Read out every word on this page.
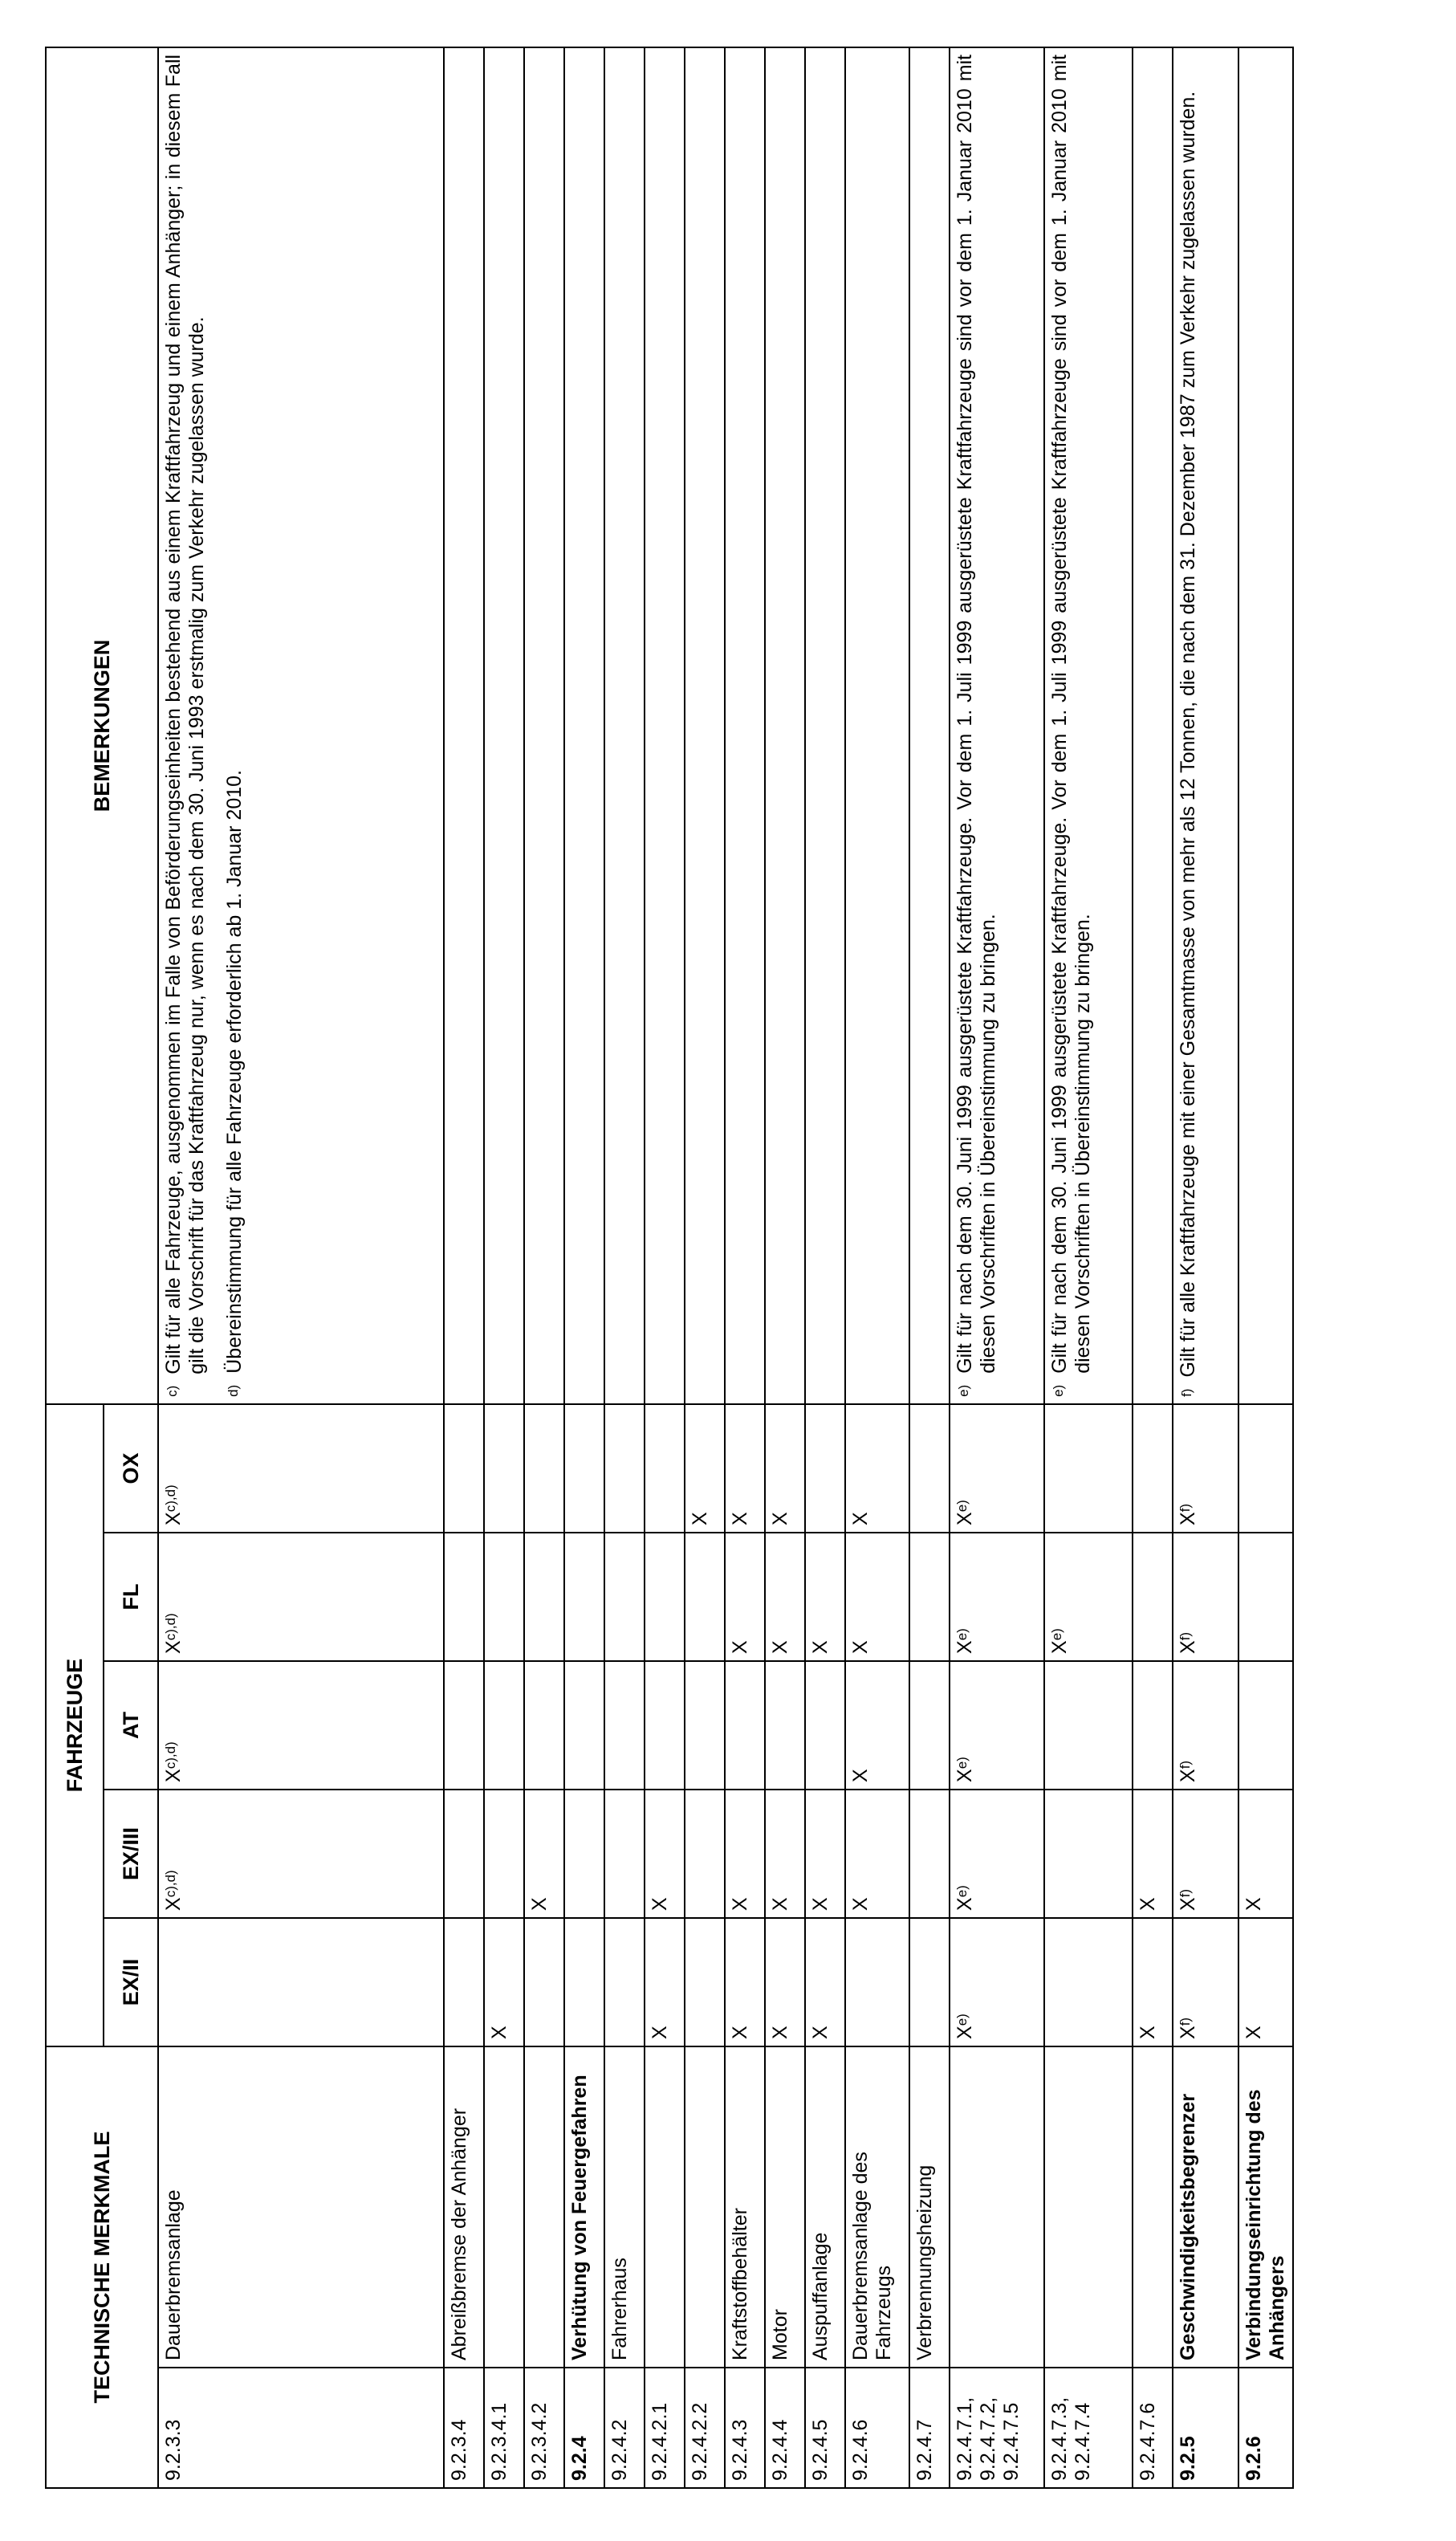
TECHNISCHE MERKMALE		FAHRZEUGE					BEMERKUNGEN
		EX/II	EX/III	AT	FL	OX	
9.2.3.3	Dauerbremsanlage		$X^{c),d)}$	$X^{c),d)}$	$X^{c),d)}$	$X^{c),d)}$	c)
Gilt für alle Fahrzeuge, ausgenommen im Falle von Beförderungseinheiten bestehend aus einem Kraftfahrzeug und einem Anhänger; in diesem Fall gilt die Vorschrift für das Kraftfahrzeug nur, wenn es nach dem 30. Juni 1993 erstmalig zum Verkehr zugelassen wurde.
d)
Übereinstimmung für alle Fahrzeuge erforderlich ab 1. Januar 2010.

9.2.3.4	Abreißbremse der Anhänger						
9.2.3.4.1		X					
9.2.3.4.2			X				
9.2.4	Verhütung von Feuergefahren						
9.2.4.2	Fahrerhaus						
9.2.4.2.1		X	X				
9.2.4.2.2						X	
9.2.4.3	Kraftstoffbehälter	X	X		X	X	
9.2.4.4	Motor	X	X		X	X	
9.2.4.5	Auspuffanlage	X	X		X		
9.2.4.6	Dauerbremsanlage des Fahrzeugs		X	X	X	X	
9.2.4.7	Verbrennungsheizung						
9.2.4.7.1, 9.2.4.7.2, 9.2.4.7.5		$X^{e)}$	$X^{e)}$	$X^{e)}$	$X^{e)}$	$X^{e)}$	e)
Gilt für nach dem 30. Juni 1999 ausgerüstete Kraftfahrzeuge. Vor dem 1. Juli 1999 ausgerüstete Kraftfahrzeuge sind vor dem 1. Januar 2010 mit diesen Vorschriften in Übereinstimmung zu bringen.

9.2.4.7.3, 9.2.4.7.4					$X^{e)}$		e)
Gilt für nach dem 30. Juni 1999 ausgerüstete Kraftfahrzeuge. Vor dem 1. Juli 1999 ausgerüstete Kraftfahrzeuge sind vor dem 1. Januar 2010 mit diesen Vorschriften in Übereinstimmung zu bringen.

9.2.4.7.6		X	X				
9.2.5	Geschwindigkeitsbegrenzer	$X^{f)}$	$X^{f)}$	$X^{f)}$	$X^{f)}$	$X^{f)}$	f)
Gilt für alle Kraftfahrzeuge mit einer Gesamtmasse von mehr als 12 Tonnen, die nach dem 31. Dezember 1987 zum Verkehr zugelassen wurden.

9.2.6	Verbindungseinrichtung des Anhängers	X	X				
